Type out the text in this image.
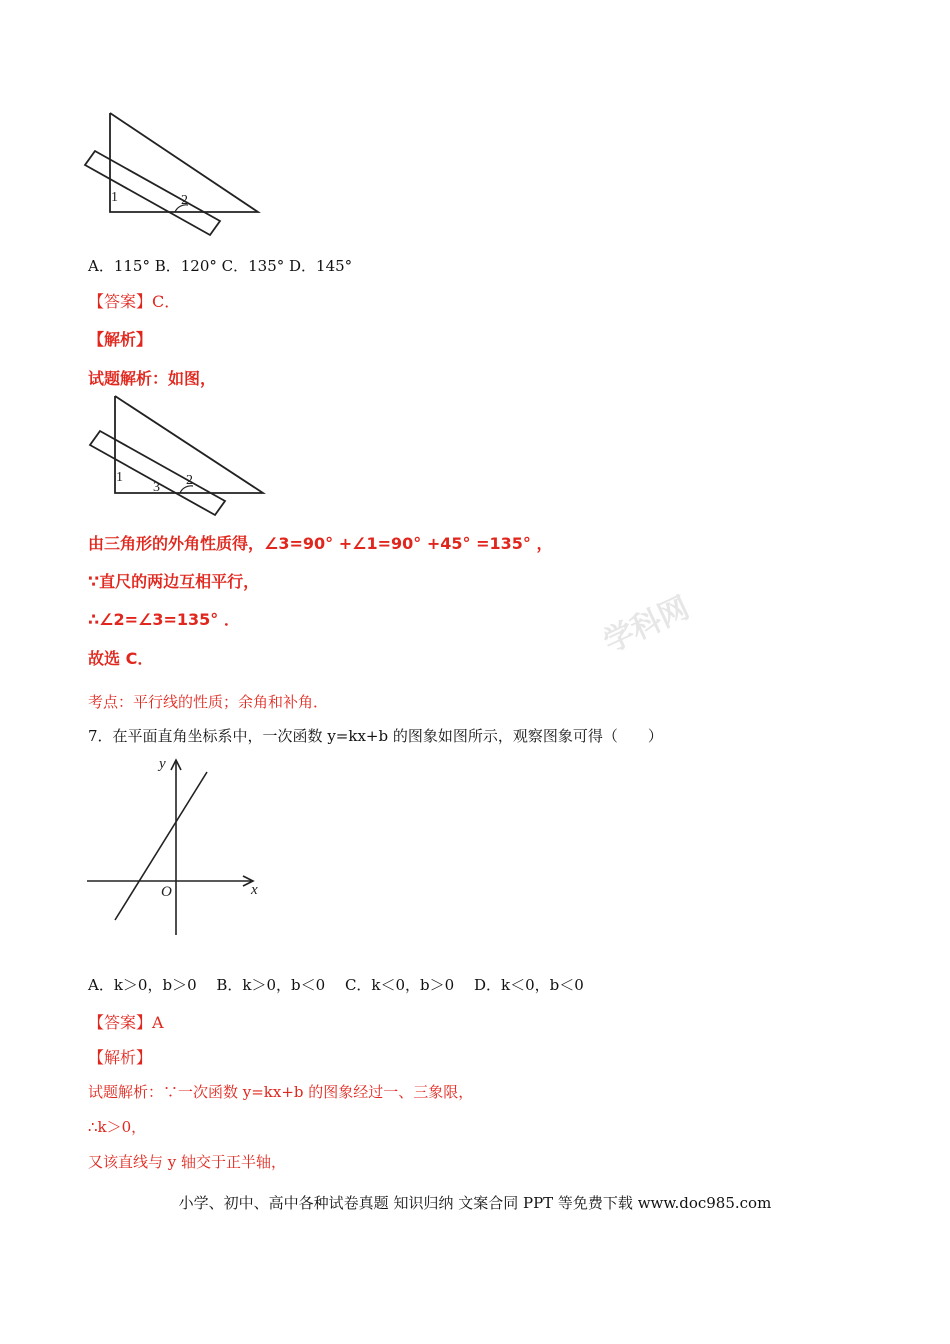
学科网
1	2
A．115° B．120° C．135° D．145°
【答案】C．
【解析】
试题解析：如图，
1
3 2
由三角形的外角性质得，∠3=90° +∠1=90° +45° =135° ，
∵直尺的两边互相平行，
∴∠2=∠3=135° ．
故选 C．
考点：平行线的性质；余角和补角．
7．在平面直角坐标系中，一次函数 y=kx+b 的图象如图所示，观察图象可得（　　）
y
x
O
A．k＞0，b＞0　 B．k＞0，b＜0　 C．k＜0，b＞0　 D．k＜0，b＜0
【答案】A
【解析】
试题解析：∵一次函数 y=kx+b 的图象经过一、三象限，
∴k＞0，
又该直线与 y 轴交于正半轴，
小学、初中、高中各种试卷真题 知识归纳 文案合同 PPT 等免费下载 www.doc985.com
